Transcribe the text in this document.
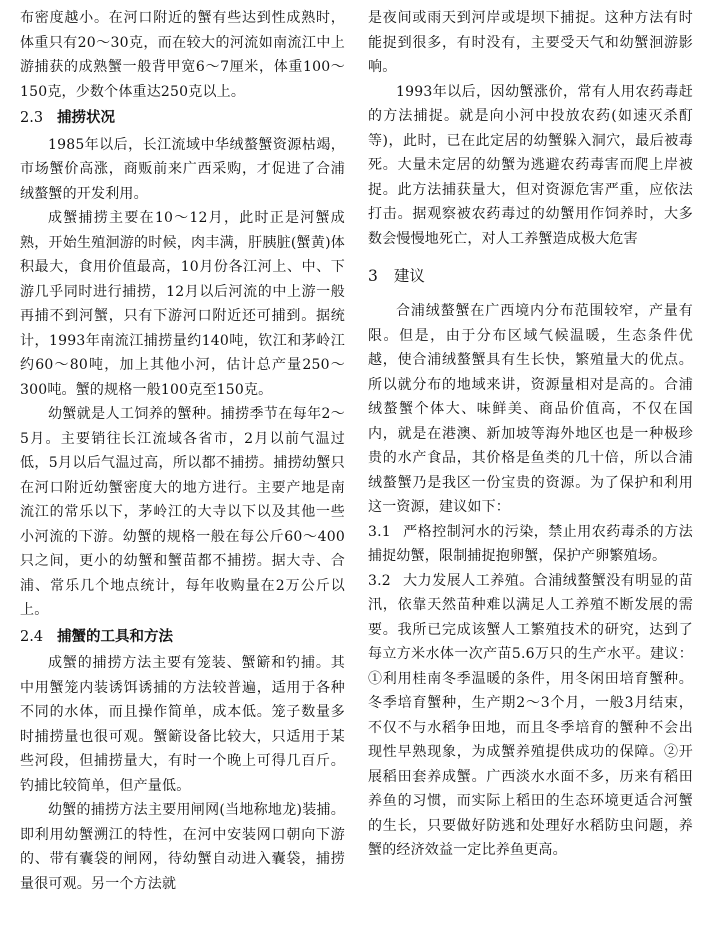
布密度越小。在河口附近的蟹有些达到性成熟时，体重只有20～30克，而在较大的河流如南流江中上游捕获的成熟蟹一般背甲宽6～7厘米，体重100～150克，少数个体重达250克以上。

2.3 捕捞状况

1985年以后，长江流域中华绒螯蟹资源枯竭，市场蟹价高涨，商贩前来广西采购，才促进了合浦绒螯蟹的开发利用。

成蟹捕捞主要在10～12月，此时正是河蟹成熟，开始生殖洄游的时候，肉丰满，肝胰脏(蟹黄)体积最大，食用价值最高，10月份各江河上、中、下游几乎同时进行捕捞，12月以后河流的中上游一般再捕不到河蟹，只有下游河口附近还可捕到。据统计，1993年南流江捕捞量约140吨，钦江和茅岭江约60～80吨，加上其他小河，估计总产量250～300吨。蟹的规格一般100克至150克。

幼蟹就是人工饲养的蟹种。捕捞季节在每年2～5月。主要销往长江流域各省市，2月以前气温过低，5月以后气温过高，所以都不捕捞。捕捞幼蟹只在河口附近幼蟹密度大的地方进行。主要产地是南流江的常乐以下，茅岭江的大寺以下以及其他一些小河流的下游。幼蟹的规格一般在每公斤60～400只之间，更小的幼蟹和蟹苗都不捕捞。据大寺、合浦、常乐几个地点统计，每年收购量在2万公斤以上。

2.4 捕蟹的工具和方法

成蟹的捕捞方法主要有笼装、蟹簖和钓捕。其中用蟹笼内装诱饵诱捕的方法较普遍，适用于各种不同的水体，而且操作简单，成本低。笼子数量多时捕捞量也很可观。蟹簖设备比较大，只适用于某些河段，但捕捞量大，有时一个晚上可得几百斤。钓捕比较简单，但产量低。

幼蟹的捕捞方法主要用闸网(当地称地龙)装捕。即利用幼蟹溯江的特性，在河中安装网口朝向下游的、带有囊袋的闸网，待幼蟹自动进入囊袋，捕捞量很可观。另一个方法就

是夜间或雨天到河岸或堤坝下捕捉。这种方法有时能捉到很多，有时没有，主要受天气和幼蟹洄游影响。

1993年以后，因幼蟹涨价，常有人用农药毒赶的方法捕捉。就是向小河中投放农药(如速灭杀酊等)，此时，已在此定居的幼蟹躲入洞穴，最后被毒死。大量未定居的幼蟹为逃避农药毒害而爬上岸被捉。此方法捕获量大，但对资源危害严重，应依法打击。据观察被农药毒过的幼蟹用作饲养时，大多数会慢慢地死亡，对人工养蟹造成极大危害

3 建议

合浦绒螯蟹在广西境内分布范围较窄，产量有限。但是，由于分布区域气候温暖，生态条件优越，使合浦绒螯蟹具有生长快，繁殖量大的优点。所以就分布的地域来讲，资源量相对是高的。合浦绒螯蟹个体大、味鲜美、商品价值高，不仅在国内，就是在港澳、新加坡等海外地区也是一种极珍贵的水产食品，其价格是鱼类的几十倍，所以合浦绒螯蟹乃是我区一份宝贵的资源。为了保护和利用这一资源，建议如下：

3.1 严格控制河水的污染，禁止用农药毒杀的方法捕捉幼蟹，限制捕捉抱卵蟹，保护产卵繁殖场。

3.2 大力发展人工养殖。合浦绒螯蟹没有明显的苗汛，依靠天然苗种难以满足人工养殖不断发展的需要。我所已完成该蟹人工繁殖技术的研究，达到了每立方米水体一次产苗5.6万只的生产水平。建议：①利用桂南冬季温暖的条件，用冬闲田培育蟹种。冬季培育蟹种，生产期2～3个月，一般3月结束，不仅不与水稻争田地，而且冬季培育的蟹种不会出现性早熟现象，为成蟹养殖提供成功的保障。②开展稻田套养成蟹。广西淡水水面不多，历来有稻田养鱼的习惯，而实际上稻田的生态环境更适合河蟹的生长，只要做好防逃和处理好水稻防虫问题，养蟹的经济效益一定比养鱼更高。
